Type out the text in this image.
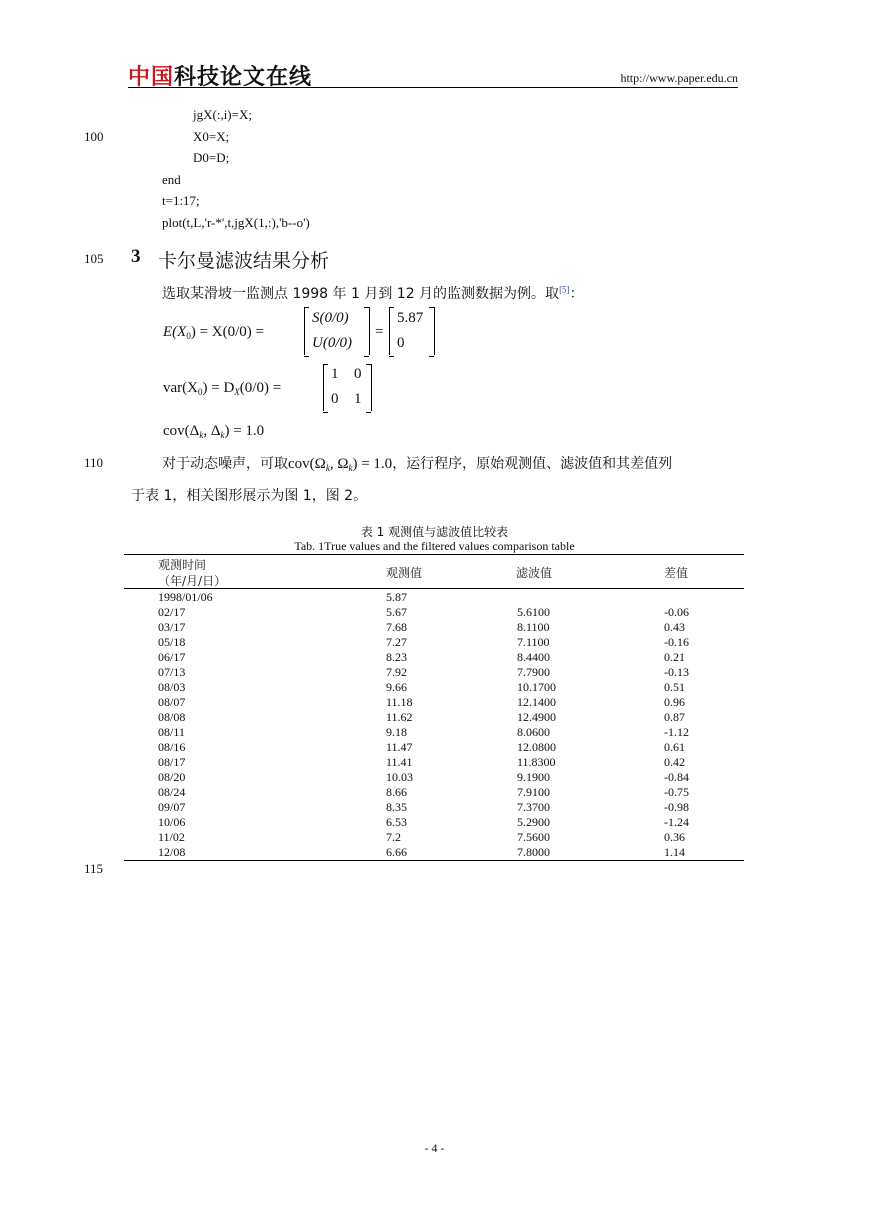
中国科技论文在线	http://www.paper.edu.cn
jgX(:,i)=X;
X0=X;
D0=D;
end
t=1:17;
plot(t,L,'r-*',t,jgX(1,:),'b--o')
100
105
110
115
3 卡尔曼滤波结果分析
选取某滑坡一监测点 1998 年 1 月到 12 月的监测数据为例。取[5]：
$E(X_0) = X(0/0)$ =
S(0/0)
U(0/0)
=
5.87
0
$var(X_0) = D_X(0/0)$ =
1 0
0 1
$cov(\Delta_k$, $\Delta_k) = 1.0$
对于动态噪声，可取$cov(\Omega_k$, $\Omega_k) = 1.0$，运行程序，原始观测值、滤波值和其差值列
于表 1，相关图形展示为图 1，图 2。
表 1 观测值与滤波值比较表
Tab. 1True values and the filtered values comparison table
观测时间
（年/月/日）
观测值	滤波值	差值
1998/01/06	5.87
02/17	5.67	5.6100	-0.06
03/17	7.68	8.1100	0.43
05/18	7.27	7.1100	-0.16
06/17	8.23	8.4400	0.21
07/13	7.92	7.7900	-0.13
08/03	9.66	10.1700	0.51
08/07	11.18	12.1400	0.96
08/08	11.62	12.4900	0.87
08/11	9.18	8.0600	-1.12
08/16	11.47	12.0800	0.61
08/17	11.41	11.8300	0.42
08/20	10.03	9.1900	-0.84
08/24	8.66	7.9100	-0.75
09/07	8.35	7.3700	-0.98
10/06	6.53	5.2900	-1.24
11/02	7.2	7.5600	0.36
12/08	6.66	7.8000	1.14
- 4 -
